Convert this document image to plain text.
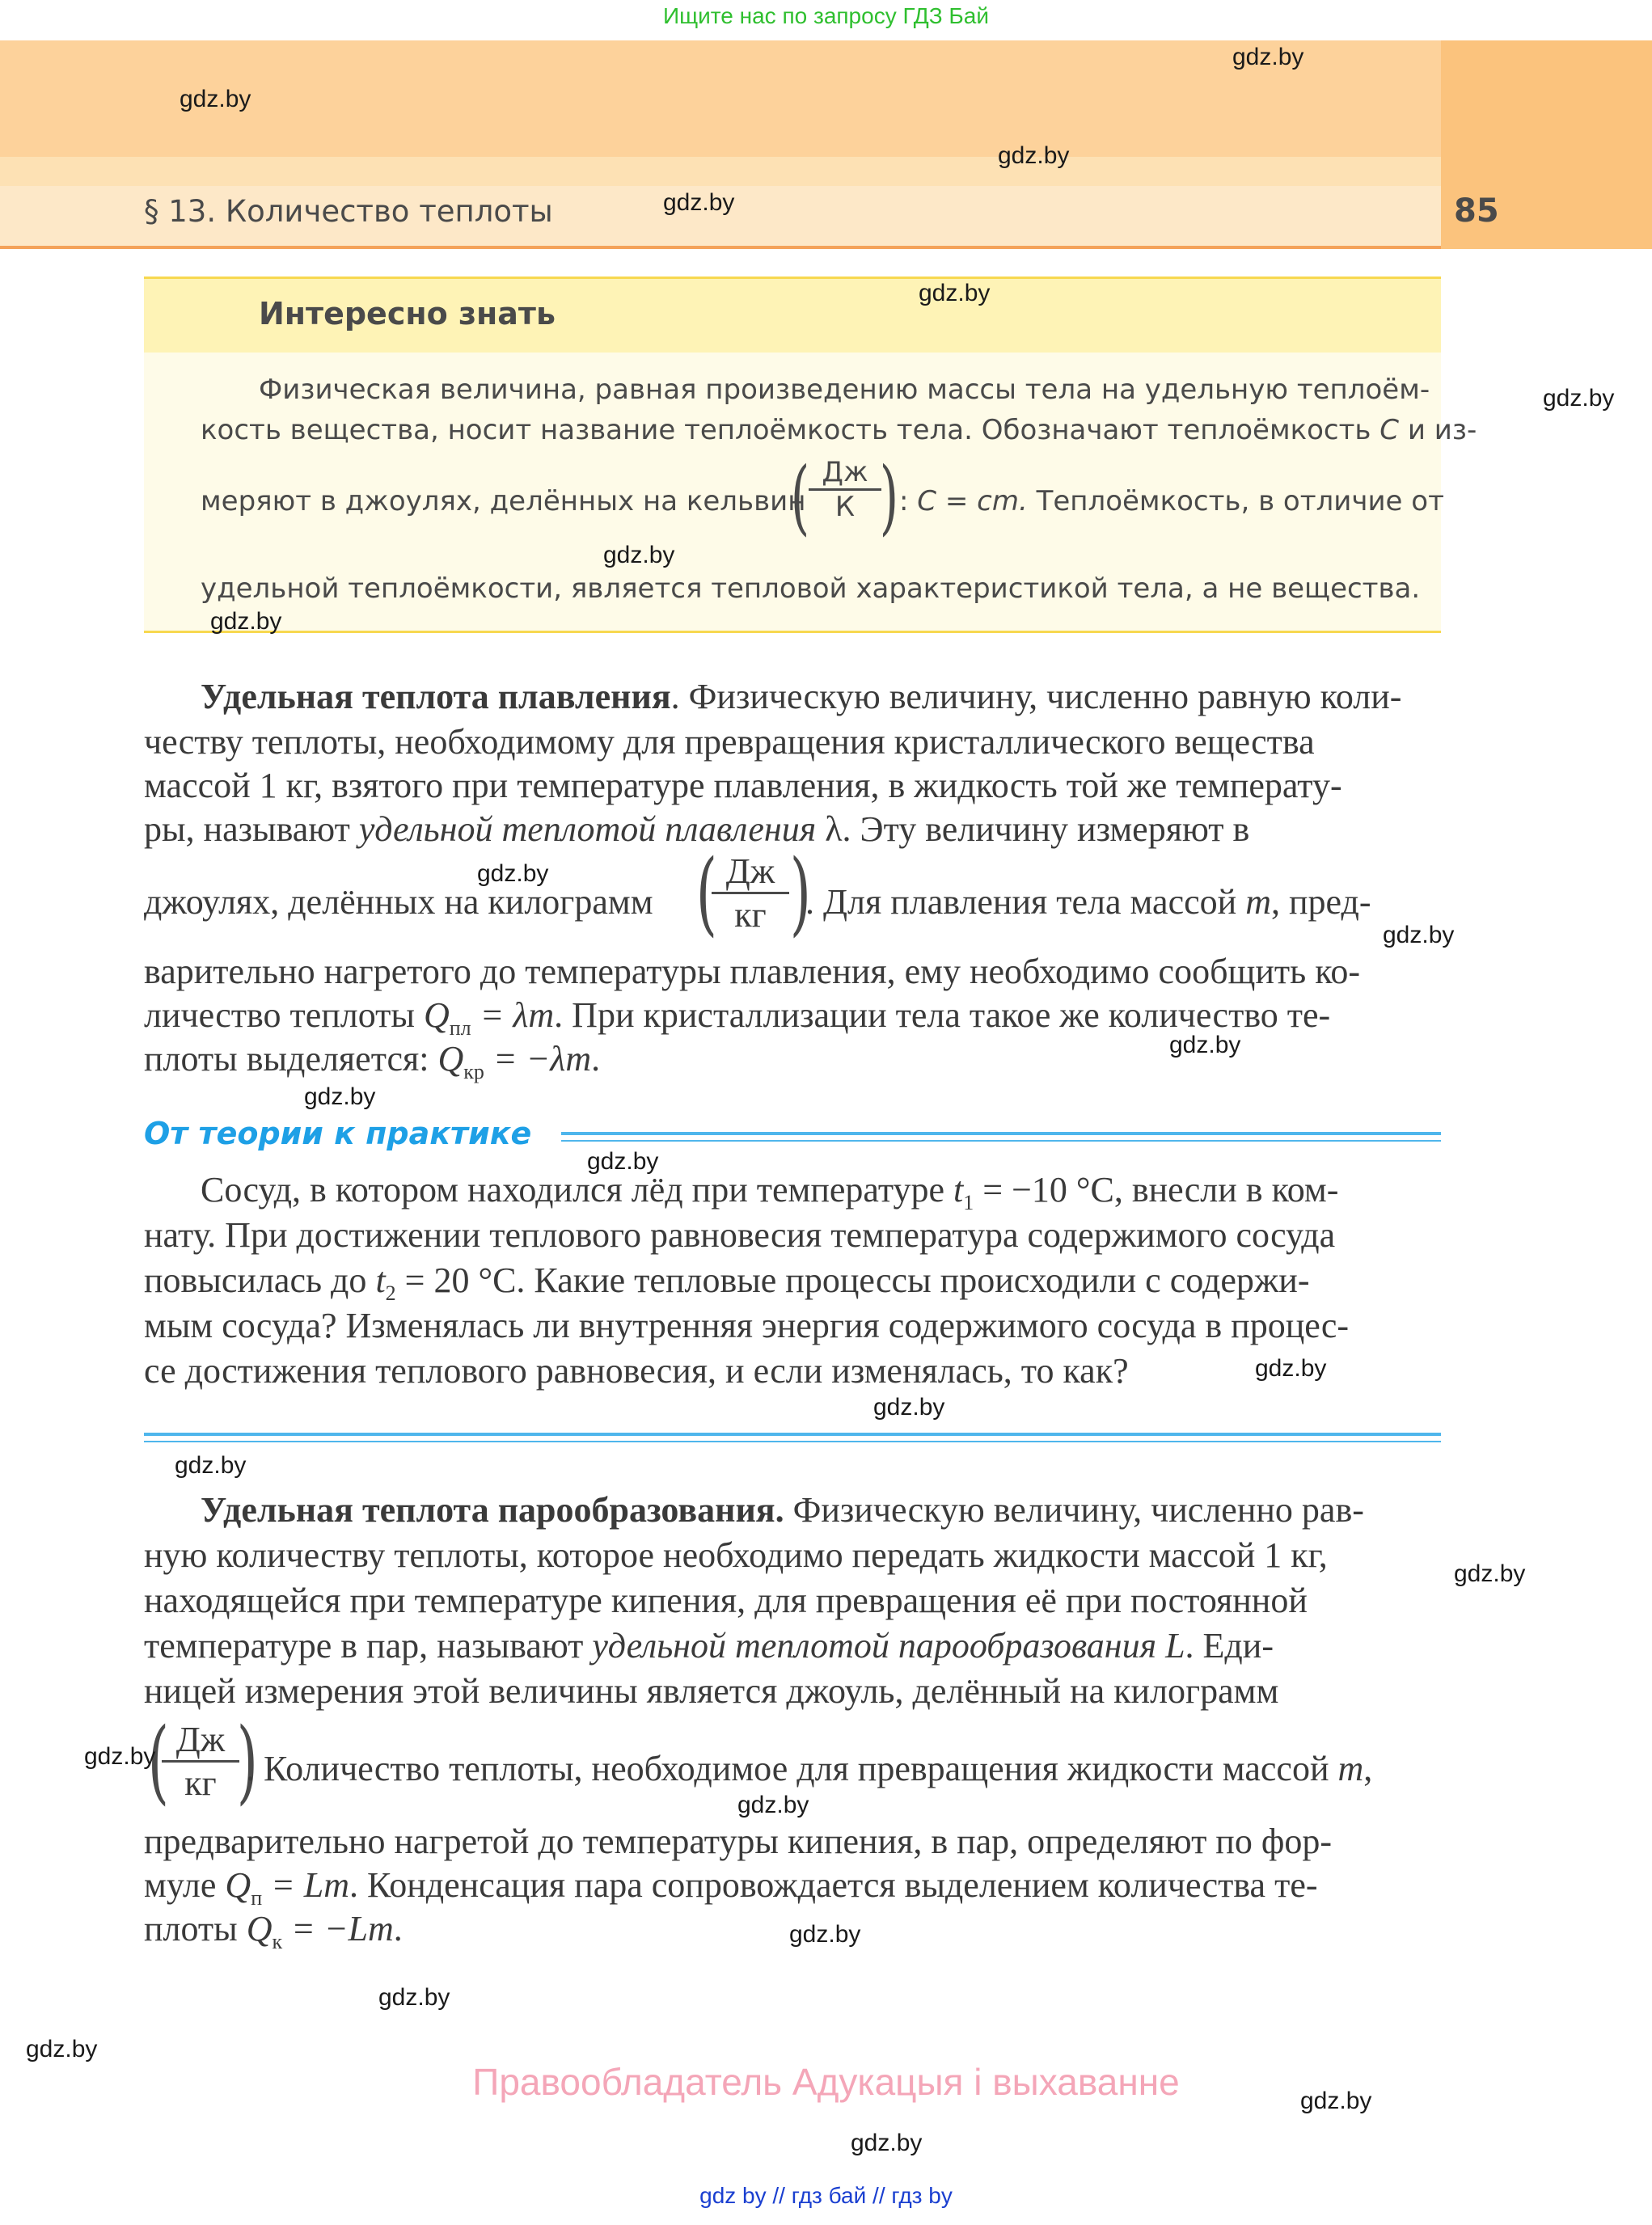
Ищите нас по запросу ГДЗ Бай
§ 13. Количество теплоты	85
Интересно знать
Физическая величина, равная произведению массы тела на удельную теплоём-
кость вещества, носит название теплоёмкость тела. Обозначают теплоёмкость C и из-
меряют в джоулях, делённых на кельвин
( Дж
К ) : C = cm. Теплоёмкость, в отличие от
удельной теплоёмкости, является тепловой характеристикой тела, а не вещества.
Удельная теплота плавления. Физическую величину, численно равную коли-
честву теплоты, необходимому для превращения кристаллического вещества
массой 1 кг, взятого при температуре плавления, в жидкость той же температу-
ры, называют удельной теплотой плавления λ. Эту величину измеряют в
джоулях, делённых на килограмм ( Дж
кг )
. Для плавления тела массой m, пред-
варительно нагретого до температуры плавления, ему необходимо сообщить ко-
личество теплоты $Q_{пл} = \lambda m$. При кристаллизации тела такое же количество те-
плоты выделяется: $Q_{кр} = -\lambda m$.
От теории к практике
Сосуд, в котором находился лёд при температуре $t_1 = -10$ °С, внесли в ком-
нату. При достижении теплового равновесия температура содержимого сосуда
повысилась до $t_2 = 20$ °С. Какие тепловые процессы происходили с содержи-
мым сосуда? Изменялась ли внутренняя энергия содержимого сосуда в процес-
се достижения теплового равновесия, и если изменялась, то как?
Удельная теплота парообразования. Физическую величину, численно рав-
ную количеству теплоты, которое необходимо передать жидкости массой 1 кг,
находящейся при температуре кипения, для превращения её при постоянной
температуре в пар, называют удельной теплотой парообразования L. Еди-
ницей измерения этой величины является джоуль, делённый на килограмм
( Дж
кг )
. Количество теплоты, необходимое для превращения жидкости массой m,
предварительно нагретой до температуры кипения, в пар, определяют по фор-
муле $Q_п = Lm$. Конденсация пара сопровождается выделением количества те-
плоты $Q_к = -Lm$.
Правообладатель Адукацыя і выхаванне
gdz by // гдз бай // гдз by
gdz.by
gdz.by
gdz.by
gdz.by
gdz.by
gdz.by
gdz.by
gdz.by
gdz.by
gdz.by
gdz.by
gdz.by
gdz.by
gdz.by
gdz.by
gdz.by
gdz.by
gdz.by
gdz.by
gdz.by
gdz.by
gdz.by
gdz.by
gdz.by
